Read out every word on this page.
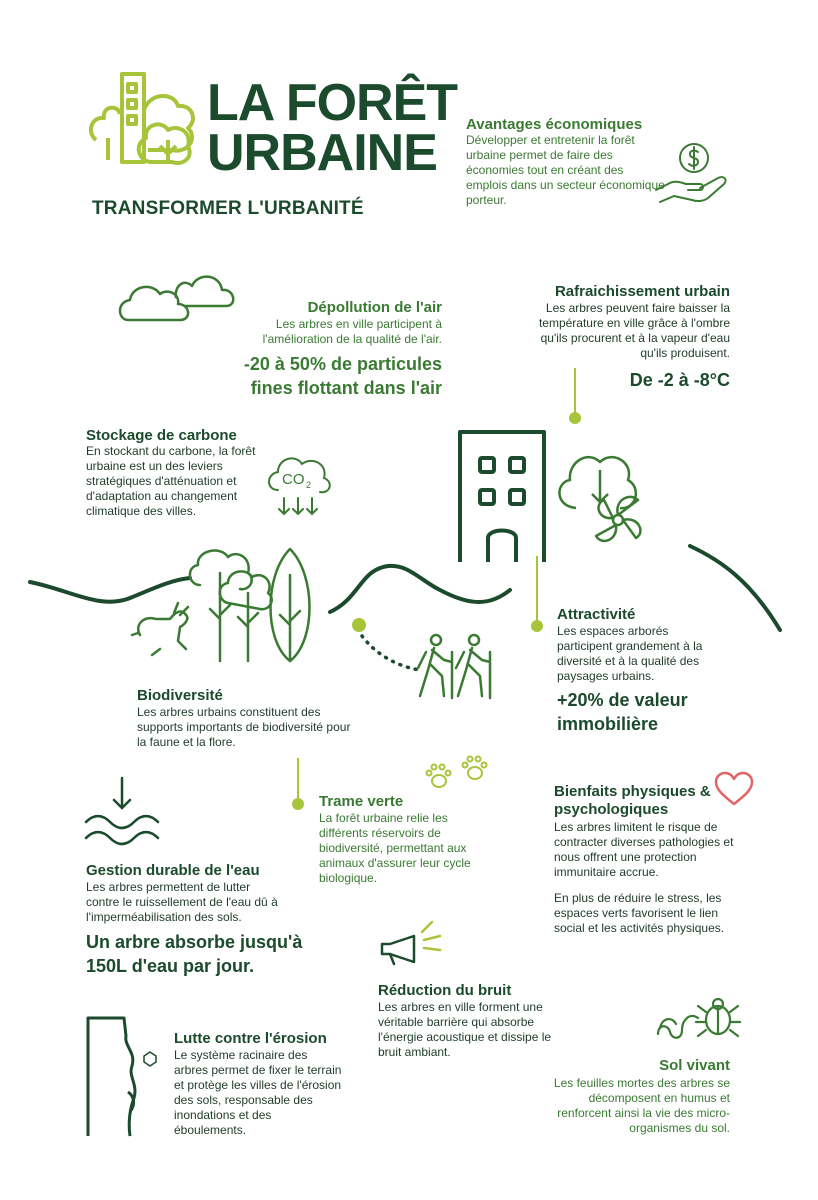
LA FORÊT
URBAINE
TRANSFORMER L'URBANITÉ
Avantages économiques
Développer et entretenir la forêt urbaine permet de faire des économies tout en créant des emplois dans un secteur économique porteur.
Dépollution de l'air
Les arbres en ville participent à l'amélioration de la qualité de l'air.
-20 à 50% de particules fines flottant dans l'air
Rafraichissement urbain
Les arbres peuvent faire baisser la température en ville grâce à l'ombre qu'ils procurent et à la vapeur d'eau qu'ils produisent.
De -2 à -8°C
Stockage de carbone
En stockant du carbone, la forêt urbaine est un des leviers stratégiques d'atténuation et d'adaptation au changement climatique des villes.
CO 2
Attractivité
Les espaces arborés participent grandement à la diversité et à la qualité des paysages urbains.
+20% de valeur immobilière
Biodiversité
Les arbres urbains constituent des supports importants de biodiversité pour la faune et la flore.
Trame verte
La forêt urbaine relie les différents réservoirs de biodiversité, permettant aux animaux d'assurer leur cycle biologique.
Bienfaits physiques & psychologiques
Les arbres limitent le risque de contracter diverses pathologies et nous offrent une protection immunitaire accrue.
En plus de réduire le stress, les espaces verts favorisent le lien social et les activités physiques.
Gestion durable de l'eau
Les arbres permettent de lutter contre le ruissellement de l'eau dû à l'imperméabilisation des sols.
Un arbre absorbe jusqu'à 150L d'eau par jour.
Réduction du bruit
Les arbres en ville forment une véritable barrière qui absorbe l'énergie acoustique et dissipe le bruit ambiant.
Lutte contre l'érosion
Le système racinaire des arbres permet de fixer le terrain et protège les villes de l'érosion des sols, responsable des inondations et des éboulements.
Sol vivant
Les feuilles mortes des arbres se décomposent en humus et renforcent ainsi la vie des micro-organismes du sol.
